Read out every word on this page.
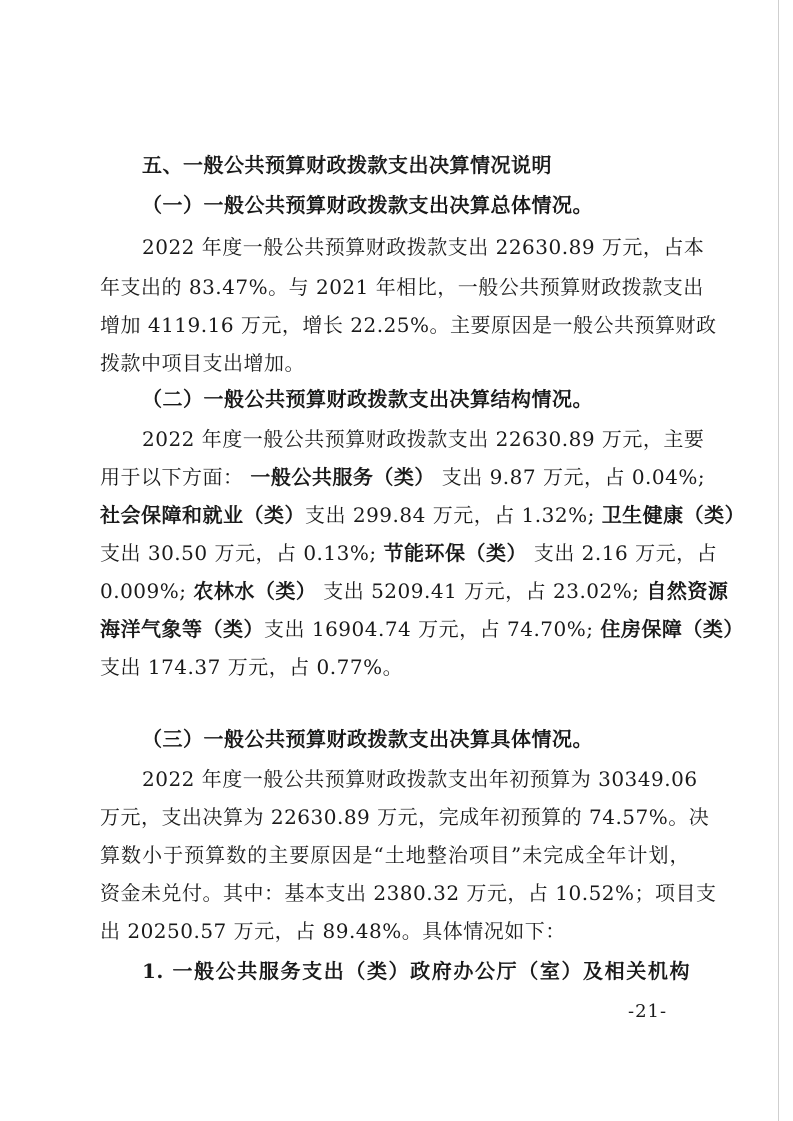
五、一般公共预算财政拨款支出决算情况说明
（一）一般公共预算财政拨款支出决算总体情况。
2022 年度一般公共预算财政拨款支出 22630.89 万元，占本
年支出的 83.47%。与 2021 年相比，一般公共预算财政拨款支出
增加 4119.16 万元，增长 22.25%。主要原因是一般公共预算财政
拨款中项目支出增加。
（二）一般公共预算财政拨款支出决算结构情况。
2022 年度一般公共预算财政拨款支出 22630.89 万元，主要
用于以下方面： 一般公共服务（类） 支出 9.87 万元，占 0.04%;
社会保障和就业（类）支出 299.84 万元，占 1.32%; 卫生健康（类）
支出 30.50 万元，占 0.13%; 节能环保（类） 支出 2.16 万元，占
0.009%; 农林水（类） 支出 5209.41 万元，占 23.02%; 自然资源
海洋气象等（类）支出 16904.74 万元，占 74.70%; 住房保障（类）
支出 174.37 万元，占 0.77%。
（三）一般公共预算财政拨款支出决算具体情况。
2022 年度一般公共预算财政拨款支出年初预算为 30349.06
万元，支出决算为 22630.89 万元，完成年初预算的 74.57%。决
算数小于预算数的主要原因是“土地整治项目”未完成全年计划，
资金未兑付。其中：基本支出 2380.32 万元，占 10.52%；项目支
出 20250.57 万元，占 89.48%。具体情况如下：
1. 一般公共服务支出（类）政府办公厅（室）及相关机构
-21-
